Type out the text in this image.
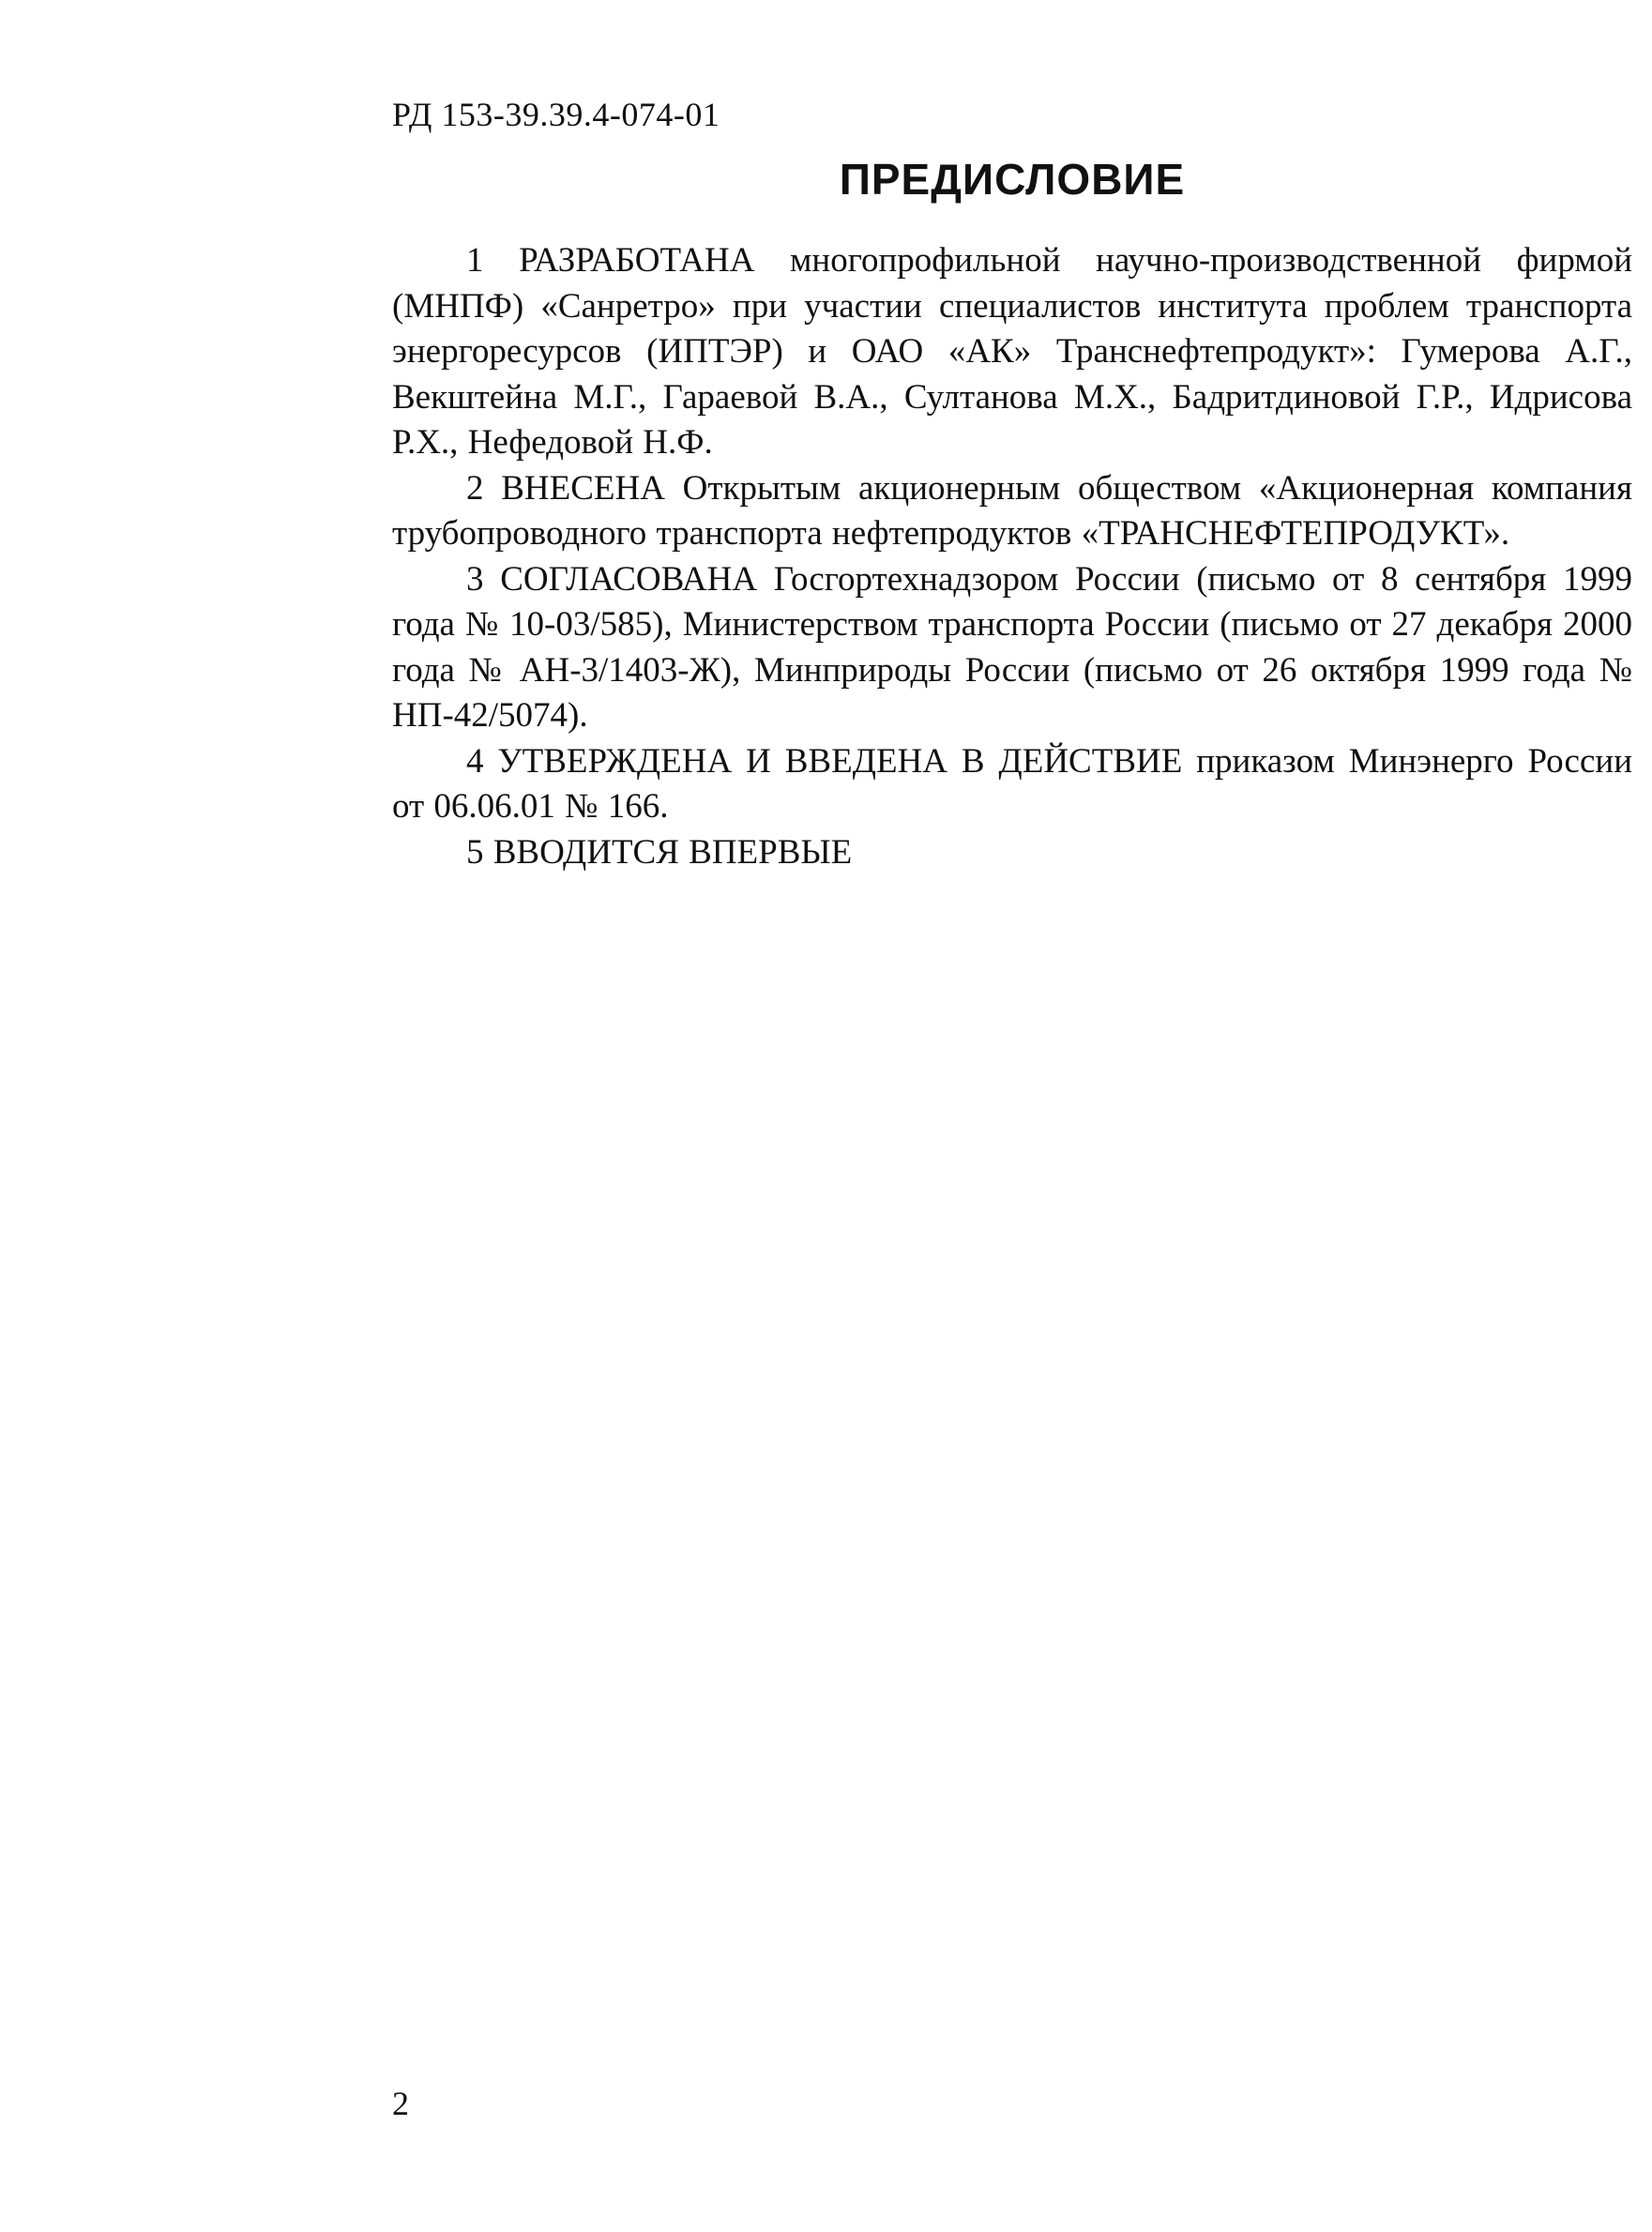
РД 153-39.39.4-074-01
ПРЕДИСЛОВИЕ

1 РАЗРАБОТАНА многопрофильной научно-производственной фирмой (МНПФ) «Санретро» при участии специалистов института проблем транспорта энергоресурсов (ИПТЭР) и ОАО «АК» Транснефтепродукт»: Гумерова А.Г., Векштейна М.Г., Гараевой В.А., Султанова М.Х., Бадритдиновой Г.Р., Идрисова Р.Х., Нефедовой Н.Ф.

2 ВНЕСЕНА Открытым акционерным обществом «Акционерная компания трубопроводного транспорта нефтепродуктов «ТРАНСНЕФТЕПРОДУКТ».

3 СОГЛАСОВАНА Госгортехнадзором России (письмо от 8 сентября 1999 года № 10-03/585), Министерством транспорта России (письмо от 27 декабря 2000 года № АН-3/1403-Ж), Минприроды России (письмо от 26 октября 1999 года № НП-42/5074).

4 УТВЕРЖДЕНА И ВВЕДЕНА В ДЕЙСТВИЕ приказом Минэнерго России от 06.06.01 № 166.

5 ВВОДИТСЯ ВПЕРВЫЕ

2
